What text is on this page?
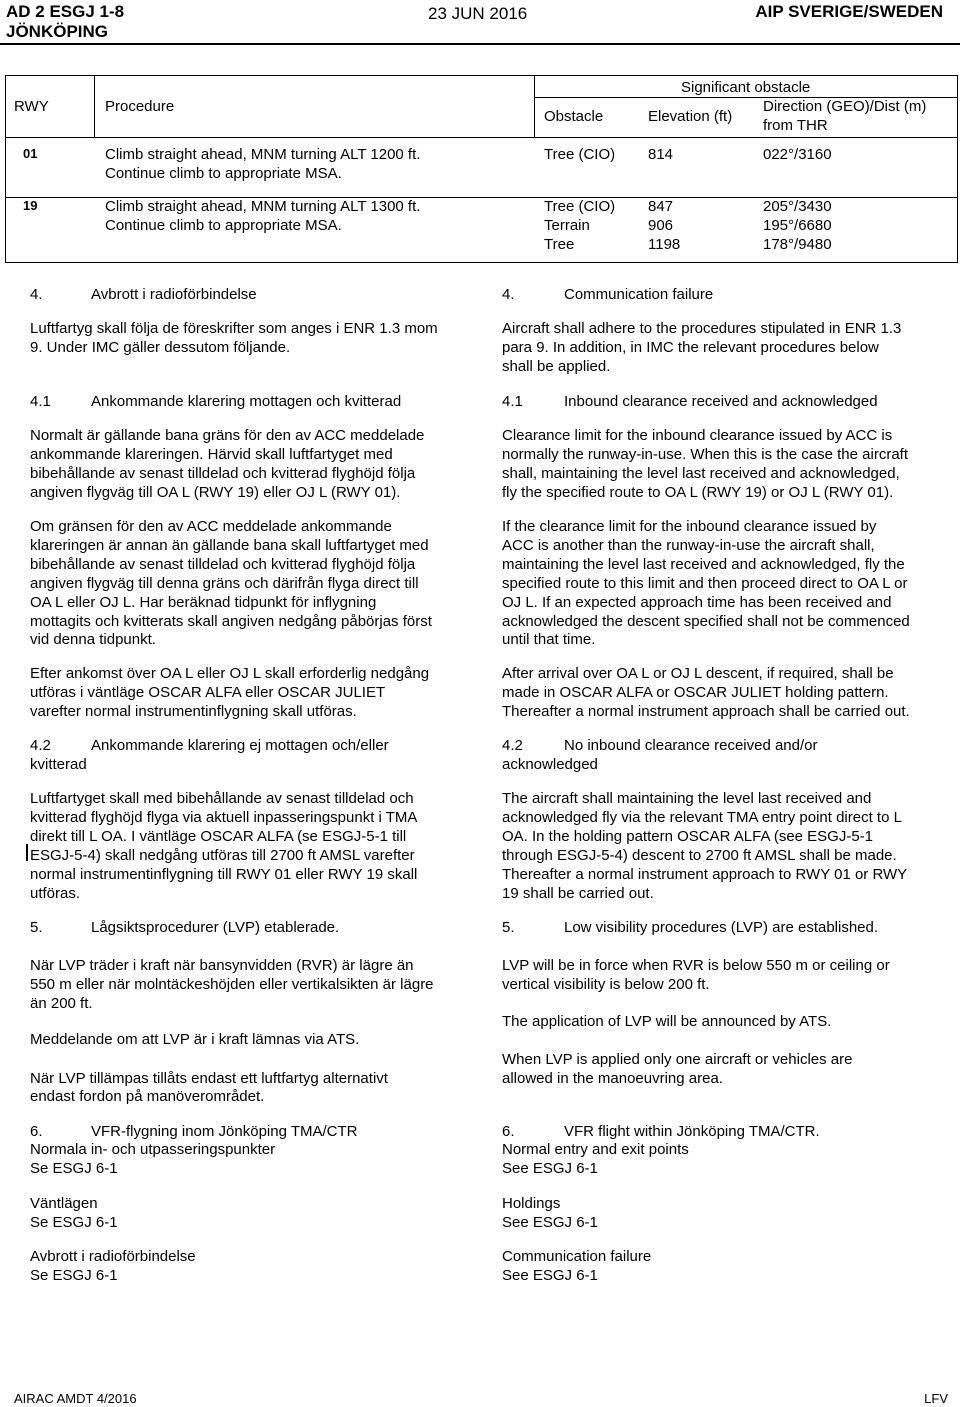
AD 2 ESGJ 1-8
JÖNKÖPING
23 JUN 2016	AIP SVERIGE/SWEDEN
RWY	Procedure
Significant obstacle
Obstacle	Elevation (ft)
Direction (GEO)/Dist (m)
from THR
01	Climb straight ahead, MNM turning ALT 1200 ft.
Continue climb to appropriate MSA.
Tree (CIO) 814	022°/3160
19	Climb straight ahead, MNM turning ALT 1300 ft.
Continue climb to appropriate MSA.
Tree (CIO) 847	205°/3430
Terrain	906	195°/6680
Tree	1198	178°/9480
4.	Avbrott i radioförbindelse
Luftfartyg skall följa de föreskrifter som anges i ENR 1.3 mom
9. Under IMC gäller dessutom följande.
4.1	Ankommande klarering mottagen och kvitterad
Normalt är gällande bana gräns för den av ACC meddelade
ankommande klareringen. Härvid skall luftfartyget med
bibehållande av senast tilldelad och kvitterad flyghöjd följa
angiven flygväg till OA L (RWY 19) eller OJ L (RWY 01).
Om gränsen för den av ACC meddelade ankommande
klareringen är annan än gällande bana skall luftfartyget med
bibehållande av senast tilldelad och kvitterad flyghöjd följa
angiven flygväg till denna gräns och därifrån flyga direct till
OA L eller OJ L. Har beräknad tidpunkt för inflygning
mottagits och kvitterats skall angiven nedgång påbörjas först
vid denna tidpunkt.
Efter ankomst över OA L eller OJ L skall erforderlig nedgång
utföras i väntläge OSCAR ALFA eller OSCAR JULIET
varefter normal instrumentinflygning skall utföras.
4.2	Ankommande klarering ej mottagen och/eller
kvitterad
Luftfartyget skall med bibehållande av senast tilldelad och
kvitterad flyghöjd flyga via aktuell inpasseringspunkt i TMA
direkt till L OA. I väntläge OSCAR ALFA (se ESGJ-5-1 till
ESGJ-5-4) skall nedgång utföras till 2700 ft AMSL varefter
normal instrumentinflygning till RWY 01 eller RWY 19 skall
utföras.
5.	Lågsiktsprocedurer (LVP) etablerade.
När LVP träder i kraft när bansynvidden (RVR) är lägre än
550 m eller när molntäckeshöjden eller vertikalsikten är lägre
än 200 ft.
Meddelande om att LVP är i kraft lämnas via ATS.
När LVP tillämpas tillåts endast ett luftfartyg alternativt
endast fordon på manöverområdet.
6.	VFR-flygning inom Jönköping TMA/CTR
Normala in- och utpasseringspunkter
Se ESGJ 6-1
Väntlägen
Se ESGJ 6-1
Avbrott i radioförbindelse
Se ESGJ 6-1
4.	Communication failure
Aircraft shall adhere to the procedures stipulated in ENR 1.3
para 9. In addition, in IMC the relevant procedures below
shall be applied.
4.1	Inbound clearance received and acknowledged
Clearance limit for the inbound clearance issued by ACC is
normally the runway-in-use. When this is the case the aircraft
shall, maintaining the level last received and acknowledged,
fly the specified route to OA L (RWY 19) or OJ L (RWY 01).
If the clearance limit for the inbound clearance issued by
ACC is another than the runway-in-use the aircraft shall,
maintaining the level last received and acknowledged, fly the
specified route to this limit and then proceed direct to OA L or
OJ L. If an expected approach time has been received and
acknowledged the descent specified shall not be commenced
until that time.
After arrival over OA L or OJ L descent, if required, shall be
made in OSCAR ALFA or OSCAR JULIET holding pattern.
Thereafter a normal instrument approach shall be carried out.
4.2	No inbound clearance received and/or
acknowledged
The aircraft shall maintaining the level last received and
acknowledged fly via the relevant TMA entry point direct to L
OA. In the holding pattern OSCAR ALFA (see ESGJ-5-1
through ESGJ-5-4) descent to 2700 ft AMSL shall be made.
Thereafter a normal instrument approach to RWY 01 or RWY
19 shall be carried out.
5.	Low visibility procedures (LVP) are established.
LVP will be in force when RVR is below 550 m or ceiling or
vertical visibility is below 200 ft.
The application of LVP will be announced by ATS.
When LVP is applied only one aircraft or vehicles are
allowed in the manoeuvring area.
6.	VFR flight within Jönköping TMA/CTR.
Normal entry and exit points
See ESGJ 6-1
Holdings
See ESGJ 6-1
Communication failure
See ESGJ 6-1
AIRAC AMDT 4/2016	LFV
